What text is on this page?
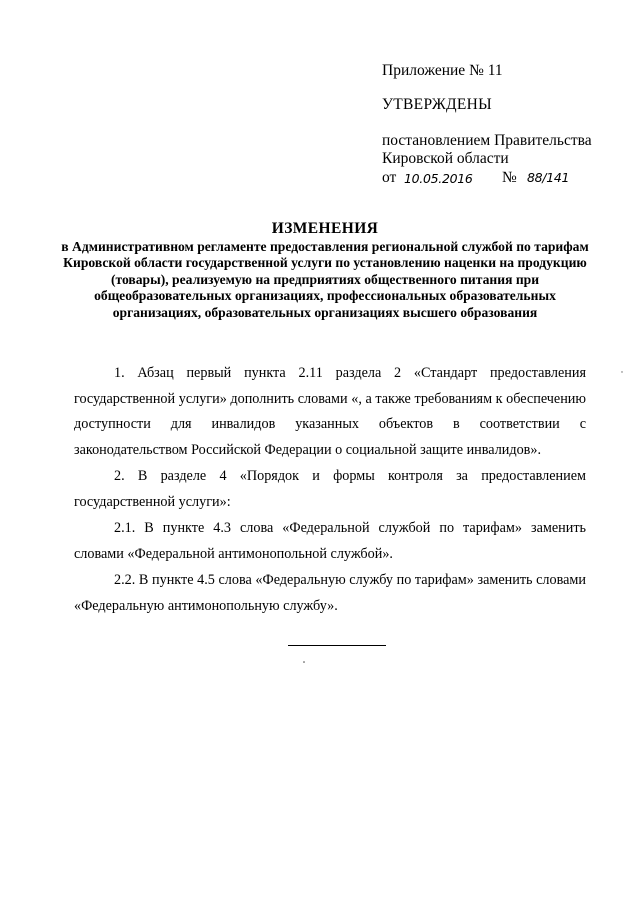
Приложение № 11
УТВЕРЖДЕНЫ
постановлением Правительства
Кировской области
от 10.05.2016 № 88/141
ИЗМЕНЕНИЯ
в Административном регламенте предоставления региональной службой по тарифам Кировской области государственной услуги по установлению наценки на продукцию (товары), реализуемую на предприятиях общественного питания при общеобразовательных организациях, профессиональных образовательных организациях, образовательных организациях высшего образования

1. Абзац первый пункта 2.11 раздела 2 «Стандарт предоставления государственной услуги» дополнить словами «, а также требованиям к обеспечению доступности для инвалидов указанных объектов в соответствии с законодательством Российской Федерации о социальной защите инвалидов».

2. В разделе 4 «Порядок и формы контроля за предоставлением государственной услуги»:

2.1. В пункте 4.3 слова «Федеральной службой по тарифам» заменить словами «Федеральной антимонопольной службой».

2.2. В пункте 4.5 слова «Федеральную службу по тарифам» заменить словами «Федеральную антимонопольную службу».
